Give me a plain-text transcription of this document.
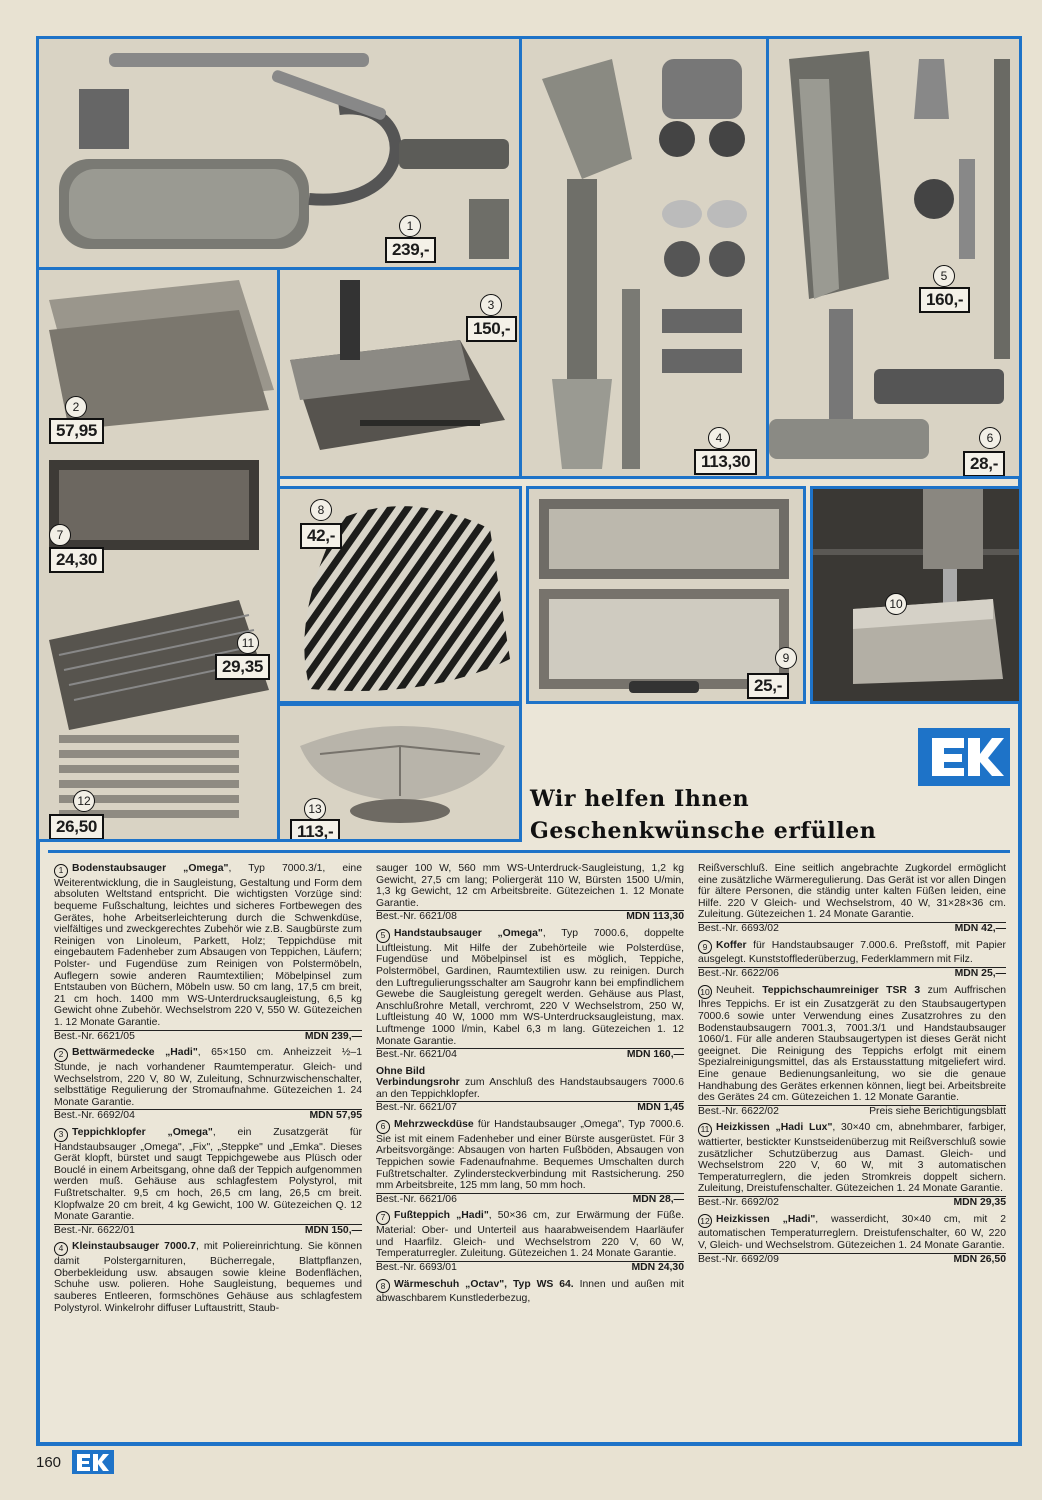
1
239,-
4
113,30
5
160,-
6
28,-
2
57,95
7
24,30
11
29,35
12
26,50
3
150,-
8
42,-
9
25,-
10
13
113,-
Wir helfen Ihnen
Geschenkwünsche erfüllen
1 Bodenstaubsauger „Omega", Typ 7000.3/1, eine Weiterentwicklung, die in Saugleistung, Gestaltung und Form dem absoluten Weltstand entspricht. Die wichtigsten Vorzüge sind: bequeme Fußschaltung, leichtes und sicheres Fortbewegen des Gerätes, hohe Arbeitserleichterung durch die Schwenkdüse, vielfältiges und zweckgerechtes Zubehör wie z.B. Saugbürste zum Reinigen von Linoleum, Parkett, Holz; Teppichdüse mit eingebautem Fadenheber zum Absaugen von Teppichen, Läufern; Polster- und Fugendüse zum Reinigen von Polstermöbeln, Auflegern sowie anderen Raumtextilien; Möbelpinsel zum Entstauben von Büchern, Möbeln usw. 50 cm lang, 17,5 cm breit, 21 cm hoch. 1400 mm WS-Unterdrucksaugleistung, 6,5 kg Gewicht ohne Zubehör. Wechselstrom 220 V, 550 W. Gütezeichen 1. 12 Monate Garantie.
Best.-Nr. 6621/05	MDN 239,—
2 Bettwärmedecke „Hadi", 65×150 cm. Anheizzeit ½–1 Stunde, je nach vorhandener Raumtemperatur. Gleich- und Wechselstrom, 220 V, 80 W, Zuleitung, Schnurzwischenschalter, selbsttätige Regulierung der Stromaufnahme. Gütezeichen 1. 24 Monate Garantie.
Best.-Nr. 6692/04	MDN 57,95
3 Teppichklopfer „Omega", ein Zusatzgerät für Handstaubsauger „Omega", „Fix", „Steppke" und „Emka". Dieses Gerät klopft, bürstet und saugt Teppichgewebe aus Plüsch oder Bouclé in einem Arbeitsgang, ohne daß der Teppich aufgenommen werden muß. Gehäuse aus schlagfestem Polystyrol, mit Fußtretschalter. 9,5 cm hoch, 26,5 cm lang, 26,5 cm breit. Klopfwalze 20 cm breit, 4 kg Gewicht, 100 W. Gütezeichen Q. 12 Monate Garantie.
Best.-Nr. 6622/01	MDN 150,—
4 Kleinstaubsauger 7000.7, mit Poliereinrichtung. Sie können damit Polstergarnituren, Bücherregale, Blattpflanzen, Oberbekleidung usw. absaugen sowie kleine Bodenflächen, Schuhe usw. polieren. Hohe Saugleistung, bequemes und sauberes Entleeren, formschönes Gehäuse aus schlagfestem Polystyrol. Winkelrohr diffuser Luftaustritt, Staub-
sauger 100 W, 560 mm WS-Unterdruck-Saugleistung, 1,2 kg Gewicht, 27,5 cm lang; Poliergerät 110 W, Bürsten 1500 U/min, 1,3 kg Gewicht, 12 cm Arbeitsbreite. Gütezeichen 1. 12 Monate Garantie.
Best.-Nr. 6621/08	MDN 113,30
5 Handstaubsauger „Omega", Typ 7000.6, doppelte Luftleistung. Mit Hilfe der Zubehörteile wie Polsterdüse, Fugendüse und Möbelpinsel ist es möglich, Teppiche, Polstermöbel, Gardinen, Raumtextilien usw. zu reinigen. Durch den Luftregulierungsschalter am Saugrohr kann bei empfindlichem Gewebe die Saugleistung geregelt werden. Gehäuse aus Plast, Anschlußrohre Metall, verchromt, 220 V Wechselstrom, 250 W, Luftleistung 40 W, 1000 mm WS-Unterdrucksaugleistung, max. Luftmenge 1000 l/min, Kabel 6,3 m lang. Gütezeichen 1. 12 Monate Garantie.
Best.-Nr. 6621/04	MDN 160,—
Ohne Bild
Verbindungsrohr zum Anschluß des Handstaubsaugers 7000.6 an den Teppichklopfer.
Best.-Nr. 6621/07	MDN 1,45
6 Mehrzweckdüse für Handstaubsauger „Omega", Typ 7000.6. Sie ist mit einem Fadenheber und einer Bürste ausgerüstet. Für 3 Arbeitsvorgänge: Absaugen von harten Fußböden, Absaugen von Teppichen sowie Fadenaufnahme. Bequemes Umschalten durch Fußtretschalter. Zylindersteckverbindung mit Rastsicherung. 250 mm Arbeitsbreite, 125 mm lang, 50 mm hoch.
Best.-Nr. 6621/06	MDN 28,—
7 Fußteppich „Hadi", 50×36 cm, zur Erwärmung der Füße. Material: Ober- und Unterteil aus haarabweisendem Haarläufer und Haarfilz. Gleich- und Wechselstrom 220 V, 60 W, Temperaturregler. Zuleitung. Gütezeichen 1. 24 Monate Garantie.
Best.-Nr. 6693/01	MDN 24,30
8 Wärmeschuh „Octav", Typ WS 64. Innen und außen mit abwaschbarem Kunstlederbezug,
Reißverschluß. Eine seitlich angebrachte Zugkordel ermöglicht eine zusätzliche Wärmeregulierung. Das Gerät ist vor allen Dingen für ältere Personen, die ständig unter kalten Füßen leiden, eine Hilfe. 220 V Gleich- und Wechselstrom, 40 W, 31×28×36 cm. Zuleitung. Gütezeichen 1. 24 Monate Garantie.
Best.-Nr. 6693/02	MDN 42,—
9 Koffer für Handstaubsauger 7.000.6. Preßstoff, mit Papier ausgelegt. Kunststofflederüberzug, Federklammern mit Filz.
Best.-Nr. 6622/06	MDN 25,—
10 Neuheit. Teppichschaumreiniger TSR 3 zum Auffrischen Ihres Teppichs. Er ist ein Zusatzgerät zu den Staubsaugertypen 7000.6 sowie unter Verwendung eines Zusatzrohres zu den Bodenstaubsaugern 7001.3, 7001.3/1 und Handstaubsauger 1060/1. Für alle anderen Staubsaugertypen ist dieses Gerät nicht geeignet. Die Reinigung des Teppichs erfolgt mit einem Spezialreinigungsmittel, das als Erstausstattung mitgeliefert wird. Eine genaue Bedienungsanleitung, wo sie die genaue Handhabung des Gerätes erkennen können, liegt bei. Arbeitsbreite des Gerätes 24 cm. Gütezeichen 1. 12 Monate Garantie.
Best.-Nr. 6622/02	Preis siehe Berichtigungsblatt
11 Heizkissen „Hadi Lux", 30×40 cm, abnehmbarer, farbiger, wattierter, bestickter Kunstseidenüberzug mit Reißverschluß sowie zusätzlicher Schutzüberzug aus Damast. Gleich- und Wechselstrom 220 V, 60 W, mit 3 automatischen Temperaturreglern, die jeden Stromkreis doppelt sichern. Zuleitung, Dreistufenschalter. Gütezeichen 1. 24 Monate Garantie.
Best.-Nr. 6692/02	MDN 29,35
12 Heizkissen „Hadi", wasserdicht, 30×40 cm, mit 2 automatischen Temperaturreglern. Dreistufenschalter, 60 W, 220 V, Gleich- und Wechselstrom. Gütezeichen 1. 24 Monate Garantie.
Best.-Nr. 6692/09	MDN 26,50
160
